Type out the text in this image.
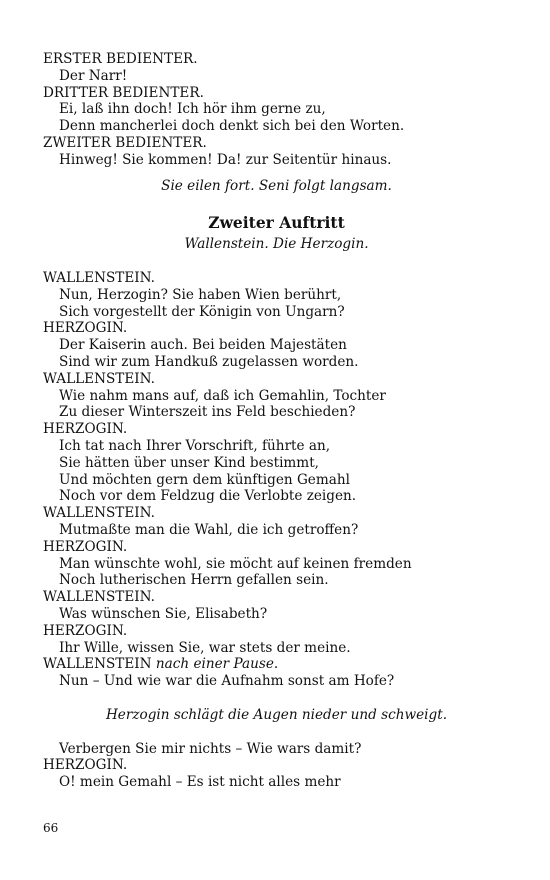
ERSTER BEDIENTER.
Der Narr!
DRITTER BEDIENTER.
Ei, laß ihn doch! Ich hör ihm gerne zu,
Denn mancherlei doch denkt sich bei den Worten.
ZWEITER BEDIENTER.
Hinweg! Sie kommen! Da! zur Seitentür hinaus.
Sie eilen fort. Seni folgt langsam.
Zweiter Auftritt
Wallenstein. Die Herzogin.
WALLENSTEIN.
Nun, Herzogin? Sie haben Wien berührt,
Sich vorgestellt der Königin von Ungarn?
HERZOGIN.
Der Kaiserin auch. Bei beiden Majestäten
Sind wir zum Handkuß zugelassen worden.
WALLENSTEIN.
Wie nahm mans auf, daß ich Gemahlin, Tochter
Zu dieser Winterszeit ins Feld beschieden?
HERZOGIN.
Ich tat nach Ihrer Vorschrift, führte an,
Sie hätten über unser Kind bestimmt,
Und möchten gern dem künftigen Gemahl
Noch vor dem Feldzug die Verlobte zeigen.
WALLENSTEIN.
Mutmaßte man die Wahl, die ich getroffen?
HERZOGIN.
Man wünschte wohl, sie möcht auf keinen fremden
Noch lutherischen Herrn gefallen sein.
WALLENSTEIN.
Was wünschen Sie, Elisabeth?
HERZOGIN.
Ihr Wille, wissen Sie, war stets der meine.
WALLENSTEIN nach einer Pause.
Nun – Und wie war die Aufnahm sonst am Hofe?
Herzogin schlägt die Augen nieder und schweigt.
Verbergen Sie mir nichts – Wie wars damit?
HERZOGIN.
O! mein Gemahl – Es ist nicht alles mehr
66
